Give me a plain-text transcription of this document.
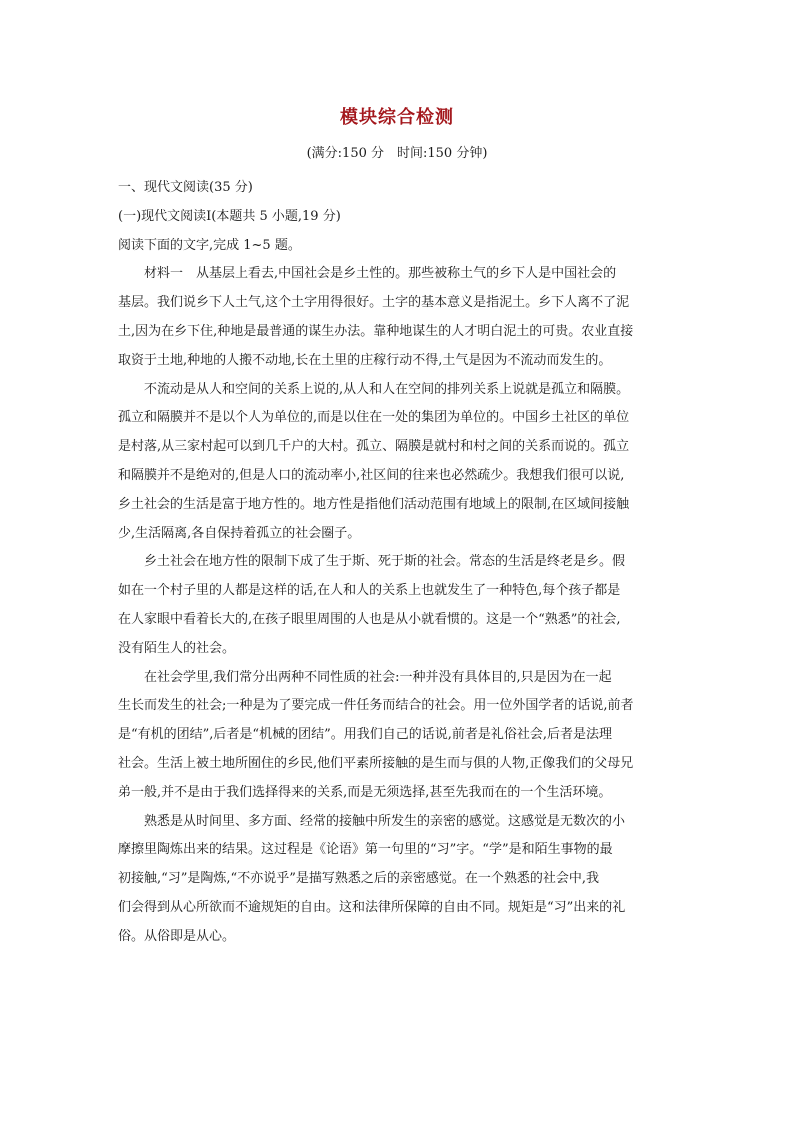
模块综合检测
(满分:150 分　时间:150 分钟)
一、现代文阅读(35 分)
(一)现代文阅读Ⅰ(本题共 5 小题,19 分)
阅读下面的文字,完成 1~5 题。
材料一　从基层上看去,中国社会是乡土性的。那些被称土气的乡下人是中国社会的
基层。我们说乡下人土气,这个土字用得很好。土字的基本意义是指泥土。乡下人离不了泥
土,因为在乡下住,种地是最普通的谋生办法。靠种地谋生的人才明白泥土的可贵。农业直接
取资于土地,种地的人搬不动地,长在土里的庄稼行动不得,土气是因为不流动而发生的。
不流动是从人和空间的关系上说的,从人和人在空间的排列关系上说就是孤立和隔膜。
孤立和隔膜并不是以个人为单位的,而是以住在一处的集团为单位的。中国乡土社区的单位
是村落,从三家村起可以到几千户的大村。孤立、隔膜是就村和村之间的关系而说的。孤立
和隔膜并不是绝对的,但是人口的流动率小,社区间的往来也必然疏少。我想我们很可以说,
乡土社会的生活是富于地方性的。地方性是指他们活动范围有地域上的限制,在区域间接触
少,生活隔离,各自保持着孤立的社会圈子。
乡土社会在地方性的限制下成了生于斯、死于斯的社会。常态的生活是终老是乡。假
如在一个村子里的人都是这样的话,在人和人的关系上也就发生了一种特色,每个孩子都是
在人家眼中看着长大的,在孩子眼里周围的人也是从小就看惯的。这是一个“熟悉”的社会,
没有陌生人的社会。
在社会学里,我们常分出两种不同性质的社会:一种并没有具体目的,只是因为在一起
生长而发生的社会;一种是为了要完成一件任务而结合的社会。用一位外国学者的话说,前者
是“有机的团结”,后者是“机械的团结”。用我们自己的话说,前者是礼俗社会,后者是法理
社会。生活上被土地所囿住的乡民,他们平素所接触的是生而与俱的人物,正像我们的父母兄
弟一般,并不是由于我们选择得来的关系,而是无须选择,甚至先我而在的一个生活环境。
熟悉是从时间里、多方面、经常的接触中所发生的亲密的感觉。这感觉是无数次的小
摩擦里陶炼出来的结果。这过程是《论语》第一句里的“习”字。“学”是和陌生事物的最
初接触,“习”是陶炼,“不亦说乎”是描写熟悉之后的亲密感觉。在一个熟悉的社会中,我
们会得到从心所欲而不逾规矩的自由。这和法律所保障的自由不同。规矩是“习”出来的礼
俗。从俗即是从心。
